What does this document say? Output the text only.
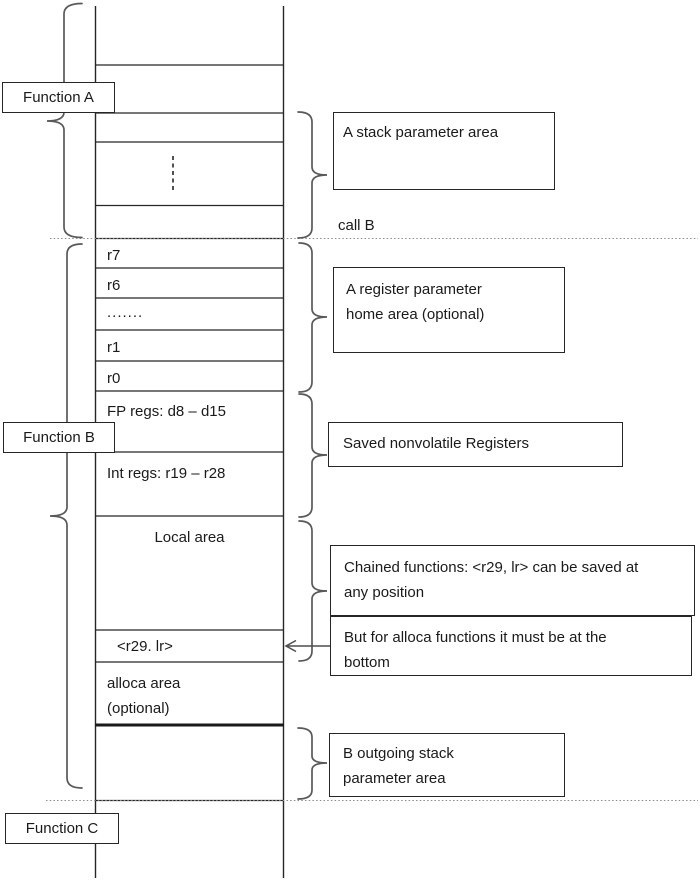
Function A
Function B
Function C
call B
r7
r6
.......
r1
r0
FP regs: d8 – d15
Int regs: r19 – r28
Local area
<r29. lr>
alloca area
(optional)
A stack parameter area
A register parameter
home area (optional)
Saved nonvolatile Registers
Chained functions: <r29, lr> can be saved at
any position
But for alloca functions it must be at the
bottom
B outgoing stack
parameter area
